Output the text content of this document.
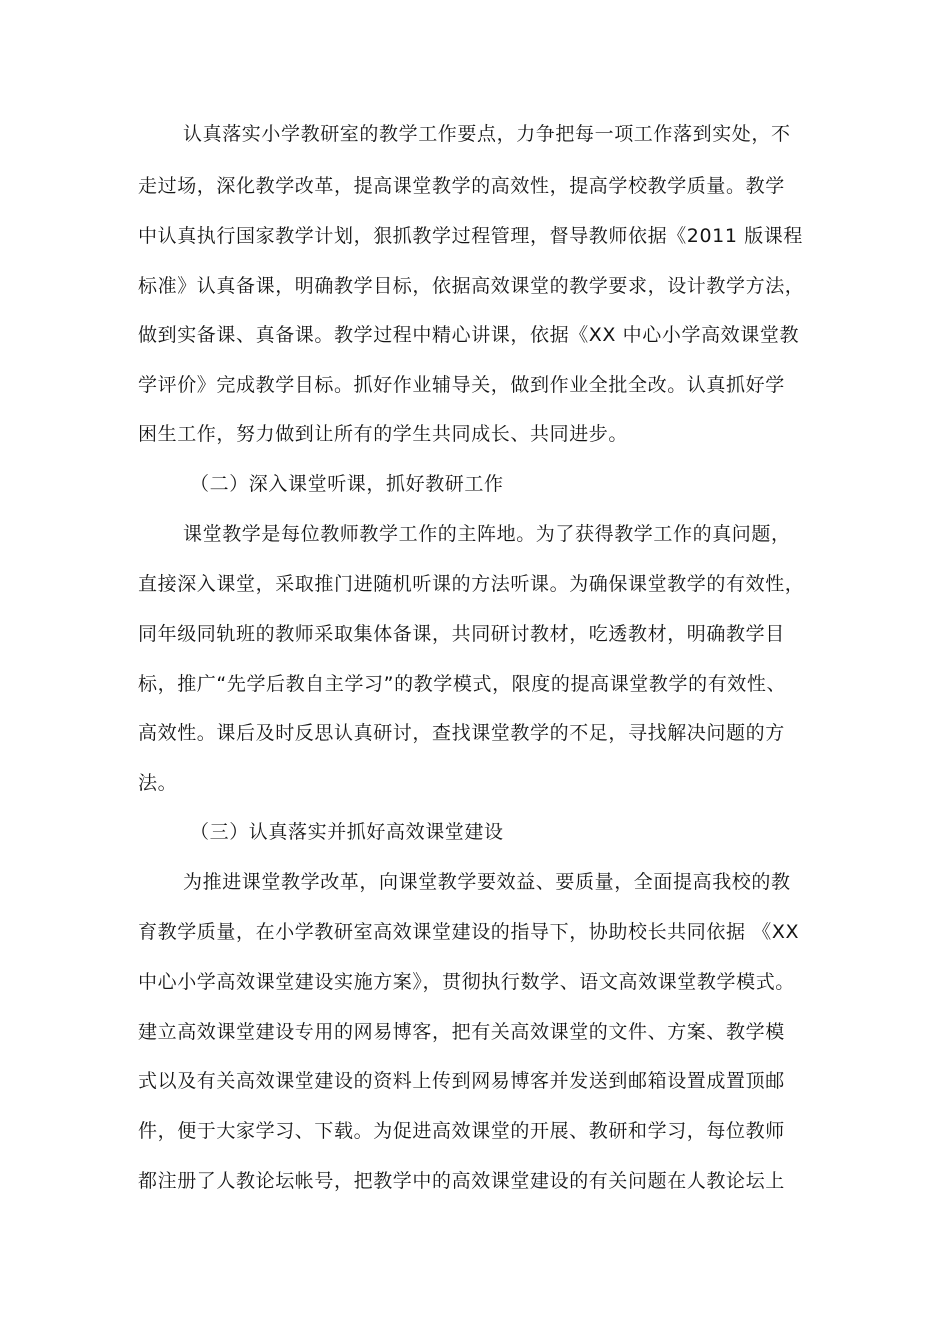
认真落实小学教研室的教学工作要点，力争把每一项工作落到实处，不
走过场，深化教学改革，提高课堂教学的高效性，提高学校教学质量。教学
中认真执行国家教学计划，狠抓教学过程管理，督导教师依据《2011 版课程
标准》认真备课，明确教学目标，依据高效课堂的教学要求，设计教学方法，
做到实备课、真备课。教学过程中精心讲课，依据《XX 中心小学高效课堂教
学评价》完成教学目标。抓好作业辅导关，做到作业全批全改。认真抓好学
困生工作，努力做到让所有的学生共同成长、共同进步。
（二）深入课堂听课，抓好教研工作
课堂教学是每位教师教学工作的主阵地。为了获得教学工作的真问题，
直接深入课堂，采取推门进随机听课的方法听课。为确保课堂教学的有效性，
同年级同轨班的教师采取集体备课，共同研讨教材，吃透教材，明确教学目
标，推广“先学后教自主学习”的教学模式，限度的提高课堂教学的有效性、
高效性。课后及时反思认真研讨，查找课堂教学的不足，寻找解决问题的方
法。
（三）认真落实并抓好高效课堂建设
为推进课堂教学改革，向课堂教学要效益、要质量，全面提高我校的教
育教学质量，在小学教研室高效课堂建设的指导下，协助校长共同依据 《XX
中心小学高效课堂建设实施方案》，贯彻执行数学、语文高效课堂教学模式。
建立高效课堂建设专用的网易博客，把有关高效课堂的文件、方案、教学模
式以及有关高效课堂建设的资料上传到网易博客并发送到邮箱设置成置顶邮
件，便于大家学习、下载。为促进高效课堂的开展、教研和学习，每位教师
都注册了人教论坛帐号，把教学中的高效课堂建设的有关问题在人教论坛上
